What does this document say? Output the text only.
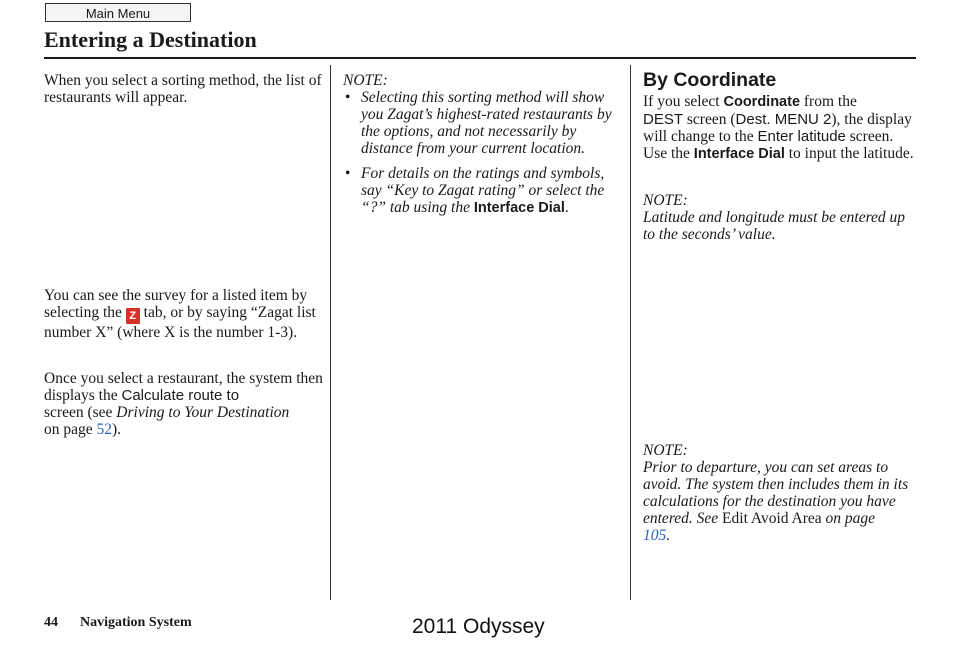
Main Menu
Entering a Destination
When you select a sorting method, the list of restaurants will appear.
You can see the survey for a listed item by selecting the Z tab, or by saying “Zagat list number X” (where X is the number 1-3).
Once you select a restaurant, the system then displays the Calculate route to
screen (see Driving to Your Destination
on page 52).
NOTE:
• Selecting this sorting method will show you Zagat’s highest-rated restaurants by the options, and not necessarily by distance from your current location.
• For details on the ratings and symbols, say “Key to Zagat rating” or select the “?” tab using the Interface Dial.
By Coordinate
If you select Coordinate from the
DEST screen (Dest. MENU 2), the display will change to the Enter latitude screen. Use the Interface Dial to input the latitude.
NOTE:
Latitude and longitude must be entered up to the seconds’ value.
NOTE:
Prior to departure, you can set areas to avoid. The system then includes them in its calculations for the destination you have entered. See Edit Avoid Area on page
105.
44 Navigation System	2011 Odyssey
